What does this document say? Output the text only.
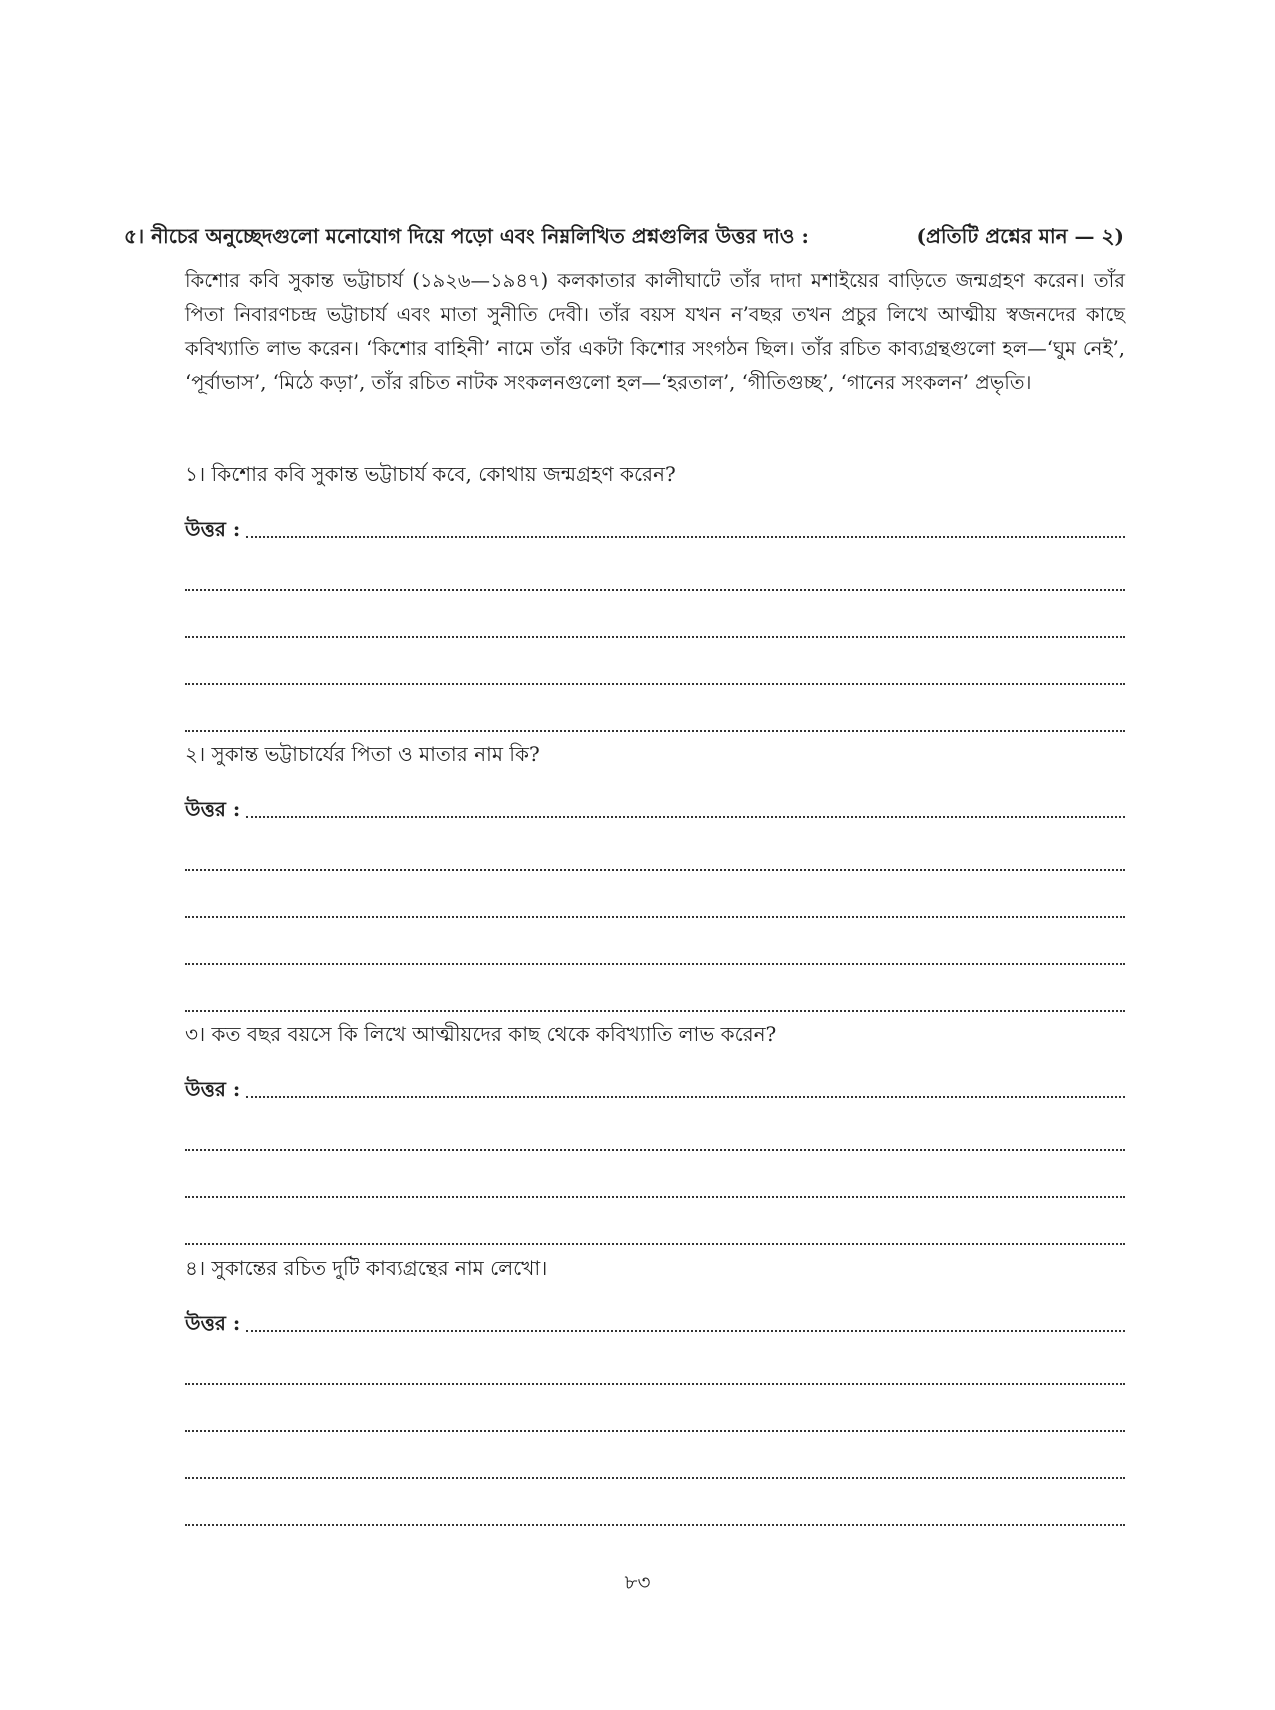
৫। নীচের অনুচ্ছেদগুলো মনোযোগ দিয়ে পড়ো এবং নিম্নলিখিত প্রশ্নগুলির উত্তর দাও :	(প্রতিটি প্রশ্নের মান — ২)

কিশোর কবি সুকান্ত ভট্টাচার্য (১৯২৬—১৯৪৭) কলকাতার কালীঘাটে তাঁর দাদা মশাইয়ের বাড়িতে জন্মগ্রহণ করেন। তাঁর পিতা নিবারণচন্দ্র ভট্টাচার্য এবং মাতা সুনীতি দেবী। তাঁর বয়স যখন ন’বছর তখন প্রচুর লিখে আত্মীয় স্বজনদের কাছে কবিখ্যাতি লাভ করেন। ‘কিশোর বাহিনী’ নামে তাঁর একটা কিশোর সংগঠন ছিল। তাঁর রচিত কাব্যগ্রন্থগুলো হল—‘ঘুম নেই’, ‘পূর্বাভাস’, ‘মিঠে কড়া’, তাঁর রচিত নাটক সংকলনগুলো হল—‘হরতাল’, ‘গীতিগুচ্ছ’, ‘গানের সংকলন’ প্রভৃতি।

১। কিশোর কবি সুকান্ত ভট্টাচার্য কবে, কোথায় জন্মগ্রহণ করেন?
উত্তর :
২। সুকান্ত ভট্টাচার্যের পিতা ও মাতার নাম কি?
উত্তর :
৩। কত বছর বয়সে কি লিখে আত্মীয়দের কাছ থেকে কবিখ্যাতি লাভ করেন?
উত্তর :
৪। সুকান্তের রচিত দুটি কাব্যগ্রন্থের নাম লেখো।
উত্তর :
৮৩
